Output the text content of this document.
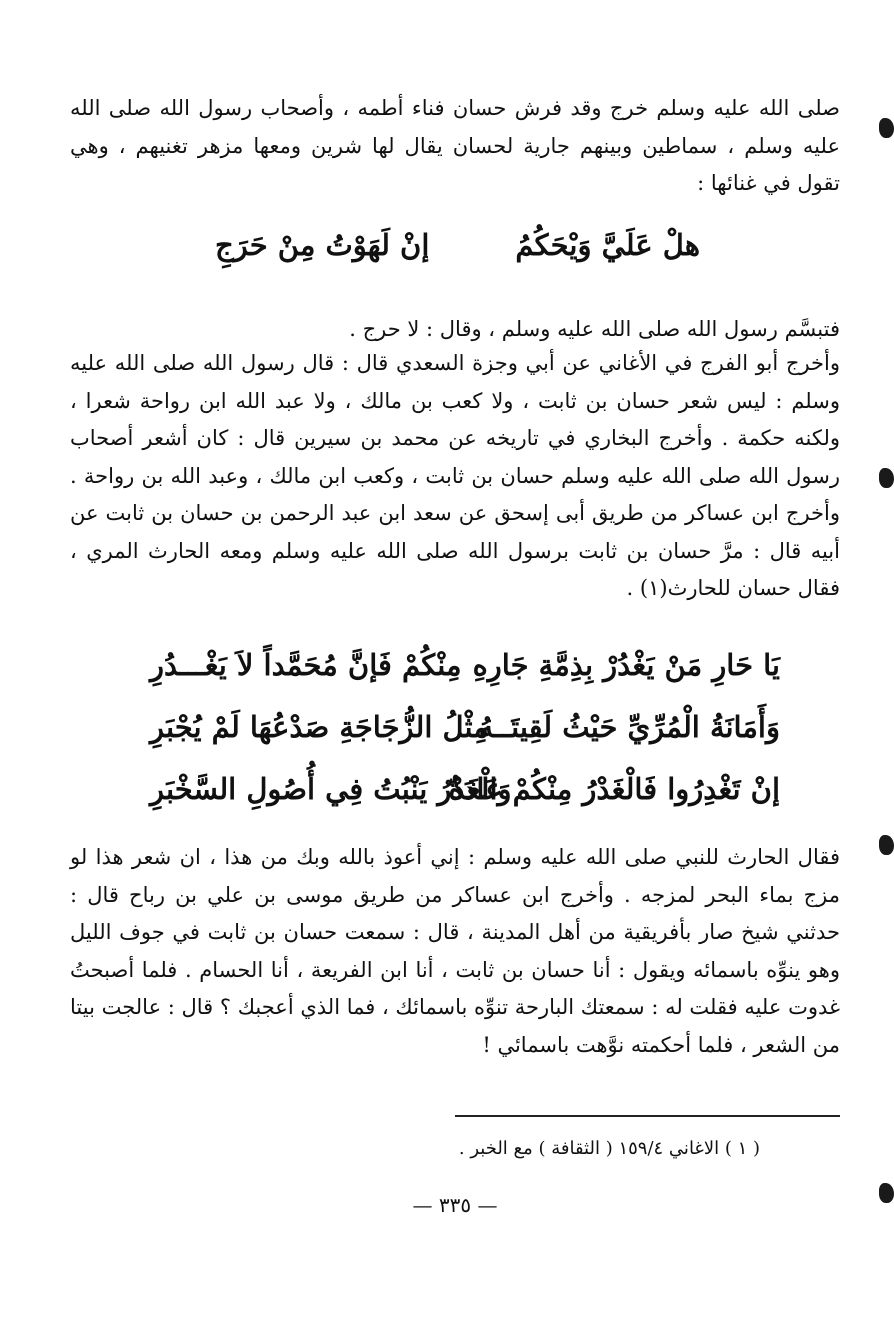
صلى الله عليه وسلم خرج وقد فرش حسان فناء أطمه ، وأصحاب رسول الله صلى الله عليه وسلم ، سماطين وبينهم جارية لحسان يقال لها شرين ومعها مزهر تغنيهم ، وهي تقول في غنائها :

هلْ عَلَيَّ وَيْحَكُمُ
إنْ لَهَوْتُ مِنْ حَرَجِ

فتبسَّم رسول الله صلى الله عليه وسلم ، وقال : لا حرج .

وأخرج أبو الفرج في الأغاني عن أبي وجزة السعدي قال : قال رسول الله صلى الله عليه وسلم : ليس شعر حسان بن ثابت ، ولا كعب بن مالك ، ولا عبد الله ابن رواحة شعرا ، ولكنه حكمة . وأخرج البخاري في تاريخه عن محمد بن سيرين قال : كان أشعر أصحاب رسول الله صلى الله عليه وسلم حسان بن ثابت ، وكعب ابن مالك ، وعبد الله بن رواحة . وأخرج ابن عساكر من طريق أبى إسحق عن سعد ابن عبد الرحمن بن حسان بن ثابت عن أبيه قال : مرَّ حسان بن ثابت برسول الله صلى الله عليه وسلم ومعه الحارث المري ، فقال حسان للحارث(١) .

يَا حَارِ مَنْ يَغْدُرْ بِذِمَّةِ جَارِهِ
مِنْكُمْ فَإنَّ مُحَمَّداً لاَ يَغْـــدُرِ
وَأَمَانَةُ الْمُرِّيِّ حَيْثُ لَقِيتَــهُ
مِثْلُ الزُّجَاجَةِ صَدْعُهَا لَمْ يُجْبَرِ
إنْ تَغْدِرُوا فَالْغَدْرُ مِنْكُمْ عَادَةٌ
وَالْغَدْرُ يَنْبُتُ فِي أُصُولِ السَّخْبَرِ

فقال الحارث للنبي صلى الله عليه وسلم : إني أعوذ بالله وبك من هذا ، ان شعر هذا لو مزج بماء البحر لمزجه . وأخرج ابن عساكر من طريق موسى بن علي بن رباح قال : حدثني شيخ صار بأفريقية من أهل المدينة ، قال : سمعت حسان بن ثابت في جوف الليل وهو ينوِّه باسمائه ويقول : أنا حسان بن ثابت ، أنا ابن الفريعة ، أنا الحسام . فلما أصبحتُ غدوت عليه فقلت له : سمعتك البارحة تنوِّه باسمائك ، فما الذي أعجبك ؟ قال : عالجت بيتا من الشعر ، فلما أحكمته نوَّهت باسمائي !

( ١ ) الاغاني ١٥٩/٤ ( الثقافة ) مع الخبر .

— ٣٣٥ —
